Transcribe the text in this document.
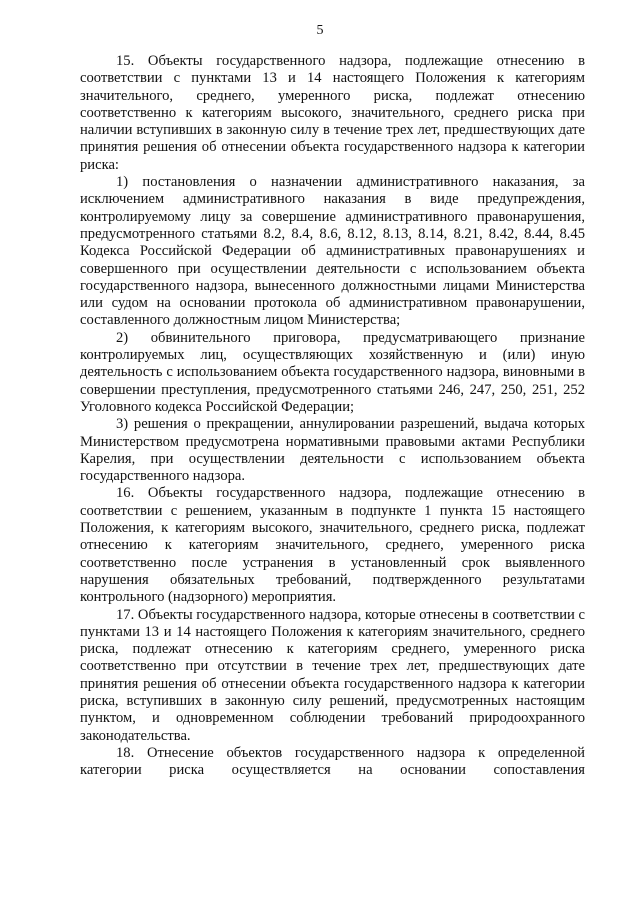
5

15. Объекты государственного надзора, подлежащие отнесению в соответствии с пунктами 13 и 14 настоящего Положения к категориям значительного, среднего, умеренного риска, подлежат отнесению соответственно к категориям высокого, значительного, среднего риска при наличии вступивших в законную силу в течение трех лет, предшествующих дате принятия решения об отнесении объекта государственного надзора к категории риска:

1) постановления о назначении административного наказания, за исключением административного наказания в виде предупреждения, контролируемому лицу за совершение административного правонарушения, предусмотренного статьями 8.2, 8.4, 8.6, 8.12, 8.13, 8.14, 8.21, 8.42, 8.44, 8.45 Кодекса Российской Федерации об административных правонарушениях и совершенного при осуществлении деятельности с использованием объекта государственного надзора, вынесенного должностными лицами Министерства или судом на основании протокола об административном правонарушении, составленного должностным лицом Министерства;

2) обвинительного приговора, предусматривающего признание контролируемых лиц, осуществляющих хозяйственную и (или) иную деятельность с использованием объекта государственного надзора, виновными в совершении преступления, предусмотренного статьями 246, 247, 250, 251, 252 Уголовного кодекса Российской Федерации;

3) решения о прекращении, аннулировании разрешений, выдача которых Министерством предусмотрена нормативными правовыми актами Республики Карелия, при осуществлении деятельности с использованием объекта государственного надзора.

16. Объекты государственного надзора, подлежащие отнесению в соответствии с решением, указанным в подпункте 1 пункта 15 настоящего Положения, к категориям высокого, значительного, среднего риска, подлежат отнесению к категориям значительного, среднего, умеренного риска соответственно после устранения в установленный срок выявленного нарушения обязательных требований, подтвержденного результатами контрольного (надзорного) мероприятия.

17. Объекты государственного надзора, которые отнесены в соответствии с пунктами 13 и 14 настоящего Положения к категориям значительного, среднего риска, подлежат отнесению к категориям среднего, умеренного риска соответственно при отсутствии в течение трех лет, предшествующих дате принятия решения об отнесении объекта государственного надзора к категории риска, вступивших в законную силу решений, предусмотренных настоящим пунктом, и одновременном соблюдении требований природоохранного законодательства.

18. Отнесение объектов государственного надзора к определенной категории риска осуществляется на основании сопоставления
